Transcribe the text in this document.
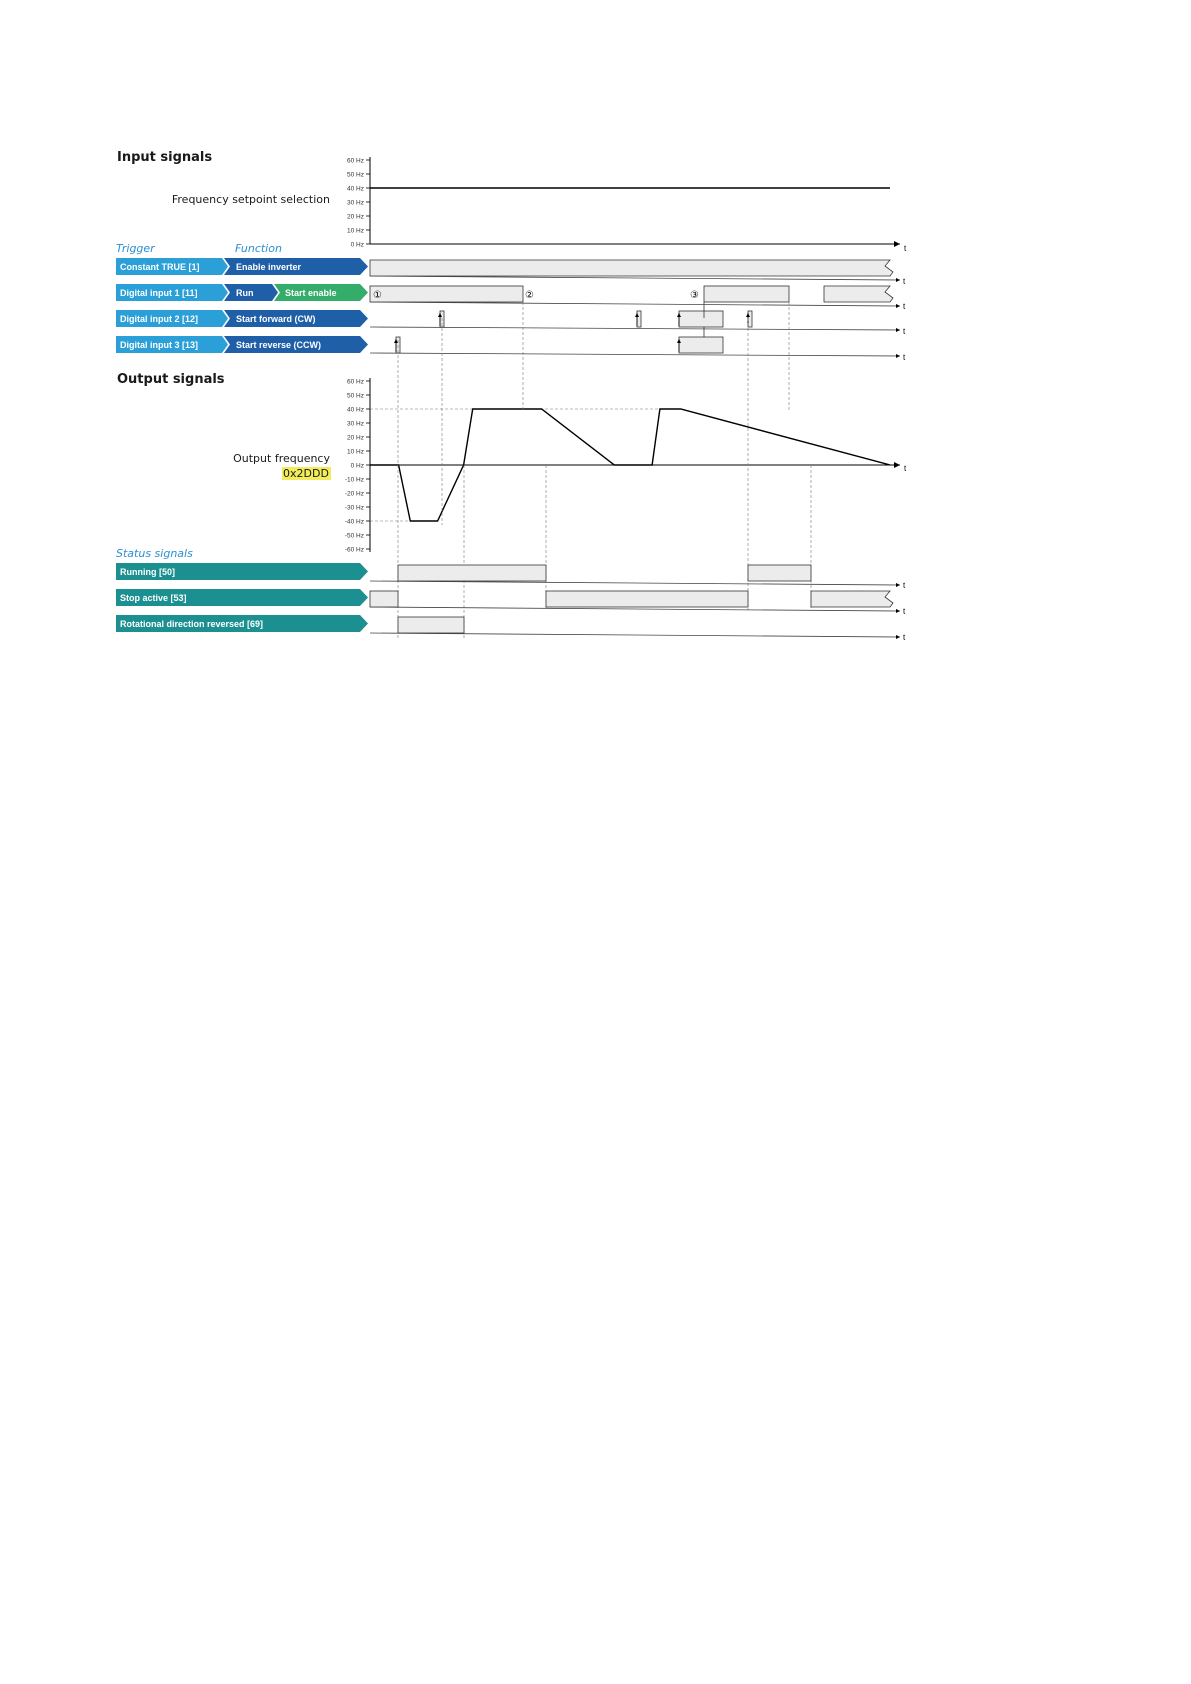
Input signals
Output signals
Frequency setpoint selection
t
60 Hz
50 Hz
40 Hz
30 Hz
20 Hz
10 Hz
0 Hz
Trigger	Function
Constant TRUE [1]	Enable inverter
Digital input 1 [11]	Run	Start enable
Digital input 2 [12]	Start forward (CW)
Digital input 3 [13]	Start reverse (CCW)
t
t
①	②	③
t
t
Output frequency
0x2DDD	t
60 Hz
50 Hz
40 Hz
30 Hz
20 Hz
10 Hz
0 Hz
-10 Hz
-20 Hz
-30 Hz
-40 Hz
-50 Hz
-60 Hz
Status signals
Running [50]
Stop active [53]
Rotational direction reversed [69]
t
t
t
